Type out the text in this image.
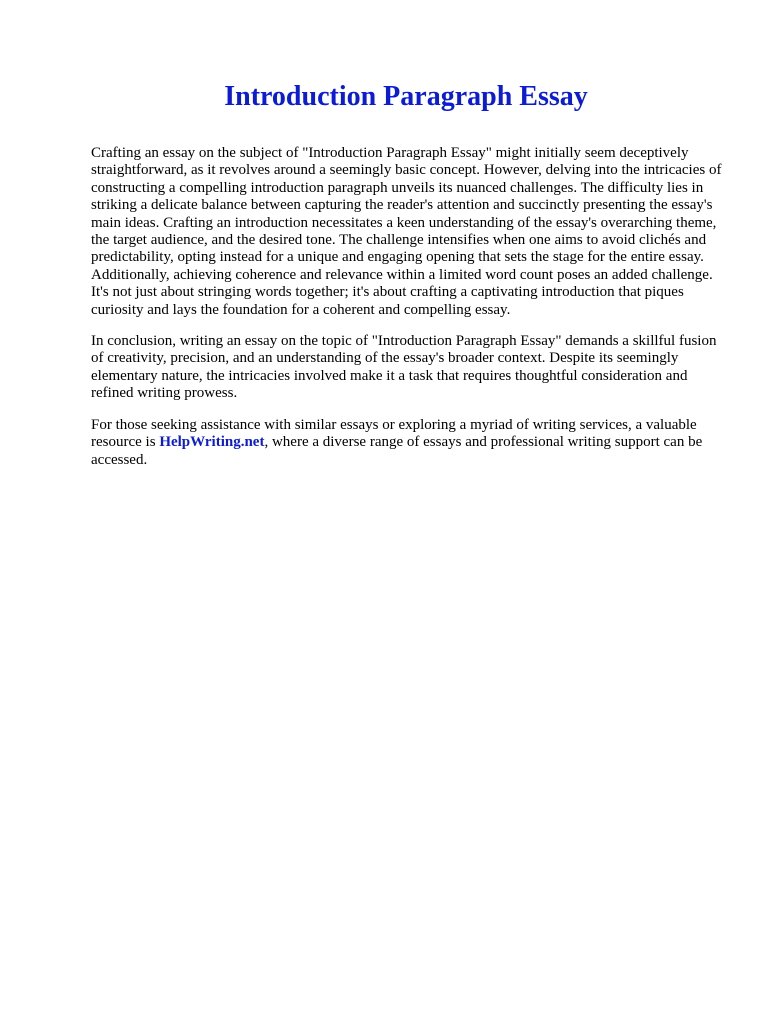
Introduction Paragraph Essay

Crafting an essay on the subject of "Introduction Paragraph Essay" might initially seem deceptively straightforward, as it revolves around a seemingly basic concept. However, delving into the intricacies of constructing a compelling introduction paragraph unveils its nuanced challenges. The difficulty lies in striking a delicate balance between capturing the reader's attention and succinctly presenting the essay's main ideas. Crafting an introduction necessitates a keen understanding of the essay's overarching theme, the target audience, and the desired tone. The challenge intensifies when one aims to avoid clichés and predictability, opting instead for a unique and engaging opening that sets the stage for the entire essay. Additionally, achieving coherence and relevance within a limited word count poses an added challenge. It's not just about stringing words together; it's about crafting a captivating introduction that piques curiosity and lays the foundation for a coherent and compelling essay.

In conclusion, writing an essay on the topic of "Introduction Paragraph Essay" demands a skillful fusion of creativity, precision, and an understanding of the essay's broader context. Despite its seemingly elementary nature, the intricacies involved make it a task that requires thoughtful consideration and refined writing prowess.

For those seeking assistance with similar essays or exploring a myriad of writing services, a valuable resource is HelpWriting.net, where a diverse range of essays and professional writing support can be accessed.
